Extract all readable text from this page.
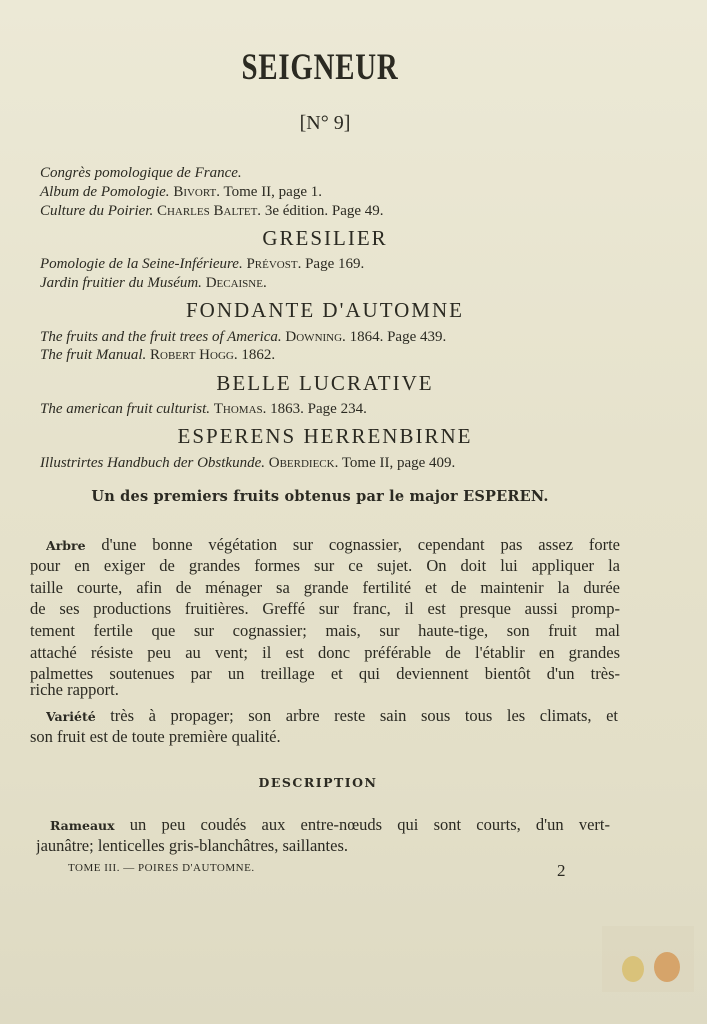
SEIGNEUR
[N° 9]
Congrès pomologique de France.
Album de Pomologie. Bivort. Tome II, page 1.
Culture du Poirier. Charles Baltet. 3e édition. Page 49.
GRESILIER
Pomologie de la Seine-Inférieure. Prévost. Page 169.
Jardin fruitier du Muséum. Decaisne.
FONDANTE D'AUTOMNE
The fruits and the fruit trees of America. Downing. 1864. Page 439.
The fruit Manual. Robert Hogg. 1862.
BELLE LUCRATIVE
The american fruit culturist. Thomas. 1863. Page 234.
ESPERENS HERRENBIRNE
Illustrirtes Handbuch der Obstkunde. Oberdieck. Tome II, page 409.
Un des premiers fruits obtenus par le major ESPEREN.
Arbre d'une bonne végétation sur cognassier, cependant pas assez forte
pour en exiger de grandes formes sur ce sujet. On doit lui appliquer la
taille courte, afin de ménager sa grande fertilité et de maintenir la durée
de ses productions fruitières. Greffé sur franc, il est presque aussi promp-
tement fertile que sur cognassier; mais, sur haute-tige, son fruit mal
attaché résiste peu au vent; il est donc préférable de l'établir en grandes
palmettes soutenues par un treillage et qui deviennent bientôt d'un très-
riche rapport.
Variété très à propager; son arbre reste sain sous tous les climats, et
son fruit est de toute première qualité.
DESCRIPTION
Rameaux un peu coudés aux entre-nœuds qui sont courts, d'un vert-
jaunâtre; lenticelles gris-blanchâtres, saillantes.
TOME III. — POIRES D'AUTOMNE.	2
